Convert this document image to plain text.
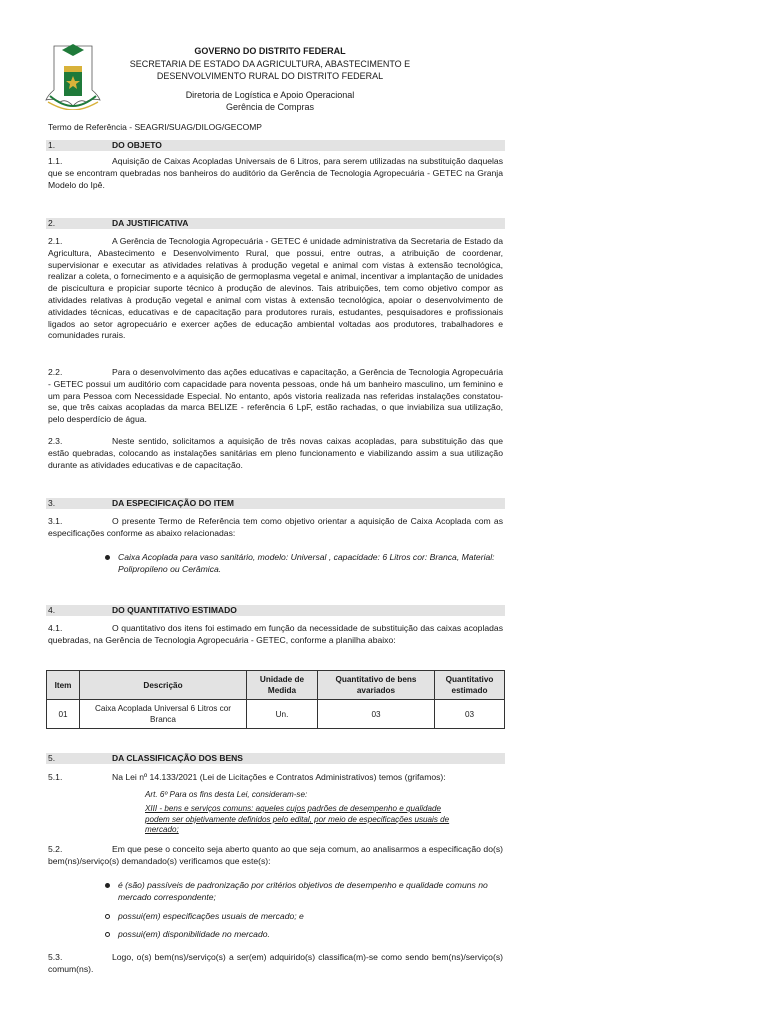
GOVERNO DO DISTRITO FEDERAL
SECRETARIA DE ESTADO DA AGRICULTURA, ABASTECIMENTO E
DESENVOLVIMENTO RURAL DO DISTRITO FEDERAL
Diretoria de Logística e Apoio Operacional
Gerência de Compras
Termo de Referência - SEAGRI/SUAG/DILOG/GECOMP
1.	DO OBJETO
1.1.	Aquisição de Caixas Acopladas Universais de 6 Litros, para serem utilizadas na substituição daquelas que se encontram quebradas nos banheiros do auditório da Gerência de Tecnologia Agropecuária - GETEC na Granja Modelo do Ipê.
2.	DA JUSTIFICATIVA
2.1.	A Gerência de Tecnologia Agropecuária - GETEC é unidade administrativa da Secretaria de Estado da Agricultura, Abastecimento e Desenvolvimento Rural, que possui, entre outras, a atribuição de coordenar, supervisionar e executar as atividades relativas à produção vegetal e animal com vistas à extensão tecnológica, realizar a coleta, o fornecimento e a aquisição de germoplasma vegetal e animal, incentivar a implantação de unidades de piscicultura e propiciar suporte técnico à produção de alevinos. Tais atribuições, tem como objetivo compor as atividades relativas à produção vegetal e animal com vistas à extensão tecnológica, apoiar o desenvolvimento de atividades técnicas, educativas e de capacitação para produtores rurais, estudantes, pesquisadores e profissionais ligados ao setor agropecuário e exercer ações de educação ambiental voltadas aos produtores, trabalhadores e comunidades rurais.
2.2.	Para o desenvolvimento das ações educativas e capacitação, a Gerência de Tecnologia Agropecuária - GETEC possui um auditório com capacidade para noventa pessoas, onde há um banheiro masculino, um feminino e um para Pessoa com Necessidade Especial. No entanto, após vistoria realizada nas referidas instalações constatou-se, que três caixas acopladas da marca BELIZE - referência 6 LpF, estão rachadas, o que inviabiliza sua utilização, pelo desperdício de água.
2.3.	Neste sentido, solicitamos a aquisição de três novas caixas acopladas, para substituição das que estão quebradas, colocando as instalações sanitárias em pleno funcionamento e viabilizando assim a sua utilização durante as atividades educativas e de capacitação.
3.	DA ESPECIFICAÇÃO DO ITEM
3.1.	O presente Termo de Referência tem como objetivo orientar a aquisição de Caixa Acoplada com as especificações conforme as abaixo relacionadas:
Caixa Acoplada para vaso sanitário, modelo: Universal , capacidade: 6 Litros cor: Branca, Material: Polipropileno ou Cerâmica.
4.	DO QUANTITATIVO ESTIMADO
4.1.	O quantitativo dos itens foi estimado em função da necessidade de substituição das caixas acopladas quebradas, na Gerência de Tecnologia Agropecuária - GETEC, conforme a planilha abaixo:
Item	Descrição	Unidade de Medida	Quantitativo de bens avariados	Quantitativo estimado
01	Caixa Acoplada Universal 6 Litros cor Branca	Un.	03	03
5.	DA CLASSIFICAÇÃO DOS BENS
5.1.	Na Lei nº 14.133/2021 (Lei de Licitações e Contratos Administrativos) temos (grifamos):
Art. 6º Para os fins desta Lei, consideram-se:
XIII - bens e serviços comuns: aqueles cujos padrões de desempenho e qualidade podem ser objetivamente definidos pelo edital, por meio de especificações usuais de mercado;
5.2.	Em que pese o conceito seja aberto quanto ao que seja comum, ao analisarmos a especificação do(s) bem(ns)/serviço(s) demandado(s) verificamos que este(s):
é (são) passíveis de padronização por critérios objetivos de desempenho e qualidade comuns no mercado correspondente;
possui(em) especificações usuais de mercado; e
possui(em) disponibilidade no mercado.
5.3.	Logo, o(s) bem(ns)/serviço(s) a ser(em) adquirido(s) classifica(m)-se como sendo bem(ns)/serviço(s) comum(ns).
